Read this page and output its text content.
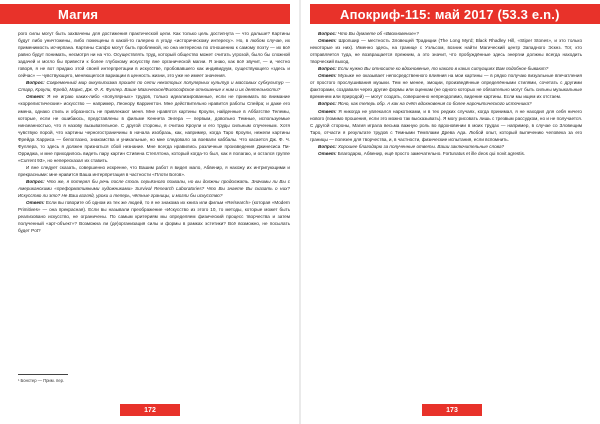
Магия

рого силы могут быть захвачены для достижения практической цели. Как только цель достигнута — что дальше? Картины будут либо уничтожены, либо помещены в какой-то галерею в угоду «историческому интересу». Но, в любом случае, их применимость исчерпана. Картины Сапфо могут быть проблемой, но она интересна по отношению к самому поэту — их всё равно будут понимать, несмотря ни на что. Осуществлять труд, который общество может считать угрозой, было бы сложной задачей и могло бы привести к более глубокому искусству вне органической магии. Я знаю, как всё звучит, — и, честно говоря, я не вот придаю этой своей интерпретации в искусстве, пробовавшего как индивидуум, существующего «здесь и сейчас» — чувствующего, меняющегося вариации в ценность жизни, это уже не имеет значения.

Вопрос: Современный мир оккультизма прошёл по сети некоторых популярных культур и массовых субкультур — Старр, Кроули, Фрейд, Маркс, Дж. Ф. К. Фуллер. Ваше Магическое/Философское отношение к ним и их деятельности?

Ответ: Я не играю каких-либо «популярных» трудов, только идеализированные, если не принимать во внимание «коррелистические» искусство — например, Леонору Каррингтон. Мне действительно нравится работы Спейра; и даже его имена, однако стиль и образность не привлекают меня. Мне нравятся картины Кроули, найденные в Аббатстве Телемы, которые, если не ошибаюсь, представлены в фильме Кеннета Энгера — первым, довольно Темные, используемые нинзеанностью, что я назову вызывательное. С другой стороны, я считаю Кроули и его труды сильным спученным. Хотя чувствую порой, что картины черногостраничины в начала изобразь, как, например, когда Таро Кроули, нежели картины Фрейда Харриса — белоглазно, знакомства и уникальные, но мне следовало за воевали каббалы. Что касается Дж. Ф. Ч. Фуллера, то здесь я должен признаться сбой незнание. Мне всегда нравились различные произведения Джинесиса Пи-Орриджа, и мне приходилось видеть пару картин Стивена Степлтона, который когда-то был, как я полагаю, и остался группе «Current 93», но непересказал их ставить.

И вне следует сказать, совершенно искренне, что Вашим работ я видел мало, Абвенир, я нахожу их интригующими и прекрасными: мне нравится Ваша интерпретация в частности «Плоти Богов».

Вопрос: Что же, я потерял бы речь после столь серьёзного похвалы, но вы должны продолжать. Значимы ли Вы с Американскими «преформативными художниками» Survival Research Laboratories? Что Вы знаете Вы сказать о них? Искусство ли это? Не Ваш взгляд, уроки и теперь, чётные границы, и могли бы искусство?

Ответ: Если вы говорите об одном из тех же людей, то я не знакома их книга или фильм «Re/search» (которая «Modern Primitives» — она прекрасная). Если вы называли преображение «Искусство из этого 10, то методы, которые может быть реализовано искусство, не ограничены. По самым критериям мы определяем физический процесс творчества и затем полученный «арт-объект»? Возможна ли (де)организация силы и формы в рамках эстетики? Всё возможно, не посылать будет Pot?

¹ Бонстер — Прим. пер.
172
Апокриф-115: май 2017 (53.3 e.n.)

Вопрос: Что Вы думаете об «Ввохновение»?

Ответ: Шропшир — местность Зловещей Традиции (The Long Myrd; Black Rhadley Hill, «Stiper Stones», и это только некоторые из них). Именно здесь, на границе с Уэльсом, возник найти Магический центр Западного Эскнз. Тот, кто отправляется туда, не возвращается прежним, а это значит, что пробуждённые здесь энергии должны всегда находить творческий выход.

Вопрос: Если нужно Вы относите ко вдохновение, то какого в каких ситуациях Вам подобное бывают?

Ответ: Музыке не оказывает непосредственного влияния на мои картины — в рядко получаю визуальные впечатления от простого прослушивания музыки. Тем не менее, эмоции, произведённые определёнными стилями, сочетать с другими факторами, создавали через другие формы или оценкам (не одного которых не обязательно могут быть сильны музыкальные временем или природой) — могут создать, совершенно непреодолимо, видение картины. Если мы ищем их отстаем.

Вопрос: Ясно, как теперь обр. А как на счёт вдохновения со более нарочитического источника?

Ответ: Я никогда не увлекался наркотиками, и в тех редких случаях, когда принимал, я не находил для себя ничего нового (помимо прошения, если это можно так высказывать). Я могу рисовать лишь с трезвым рассудком, но и не получается. С другой стороны, Магия играла весьма важную роль во вдохновении в моих трудах — например, в случае со Зловещим Таро, отчасти я результате трудов с Темными Темплами Древа Ада. Любой опыт, который выпечению человека за его границы — полезен для творчества, и, в частности, физические испытания, если вспомнить.

Вопрос: Хорошее благодарю за полученные ответы. Ваши заключительные слова?

Ответ: Благодарю, Абвенир, ещё просто замечательно. Fortunatus et ille deos qui novit agrestis.

173
